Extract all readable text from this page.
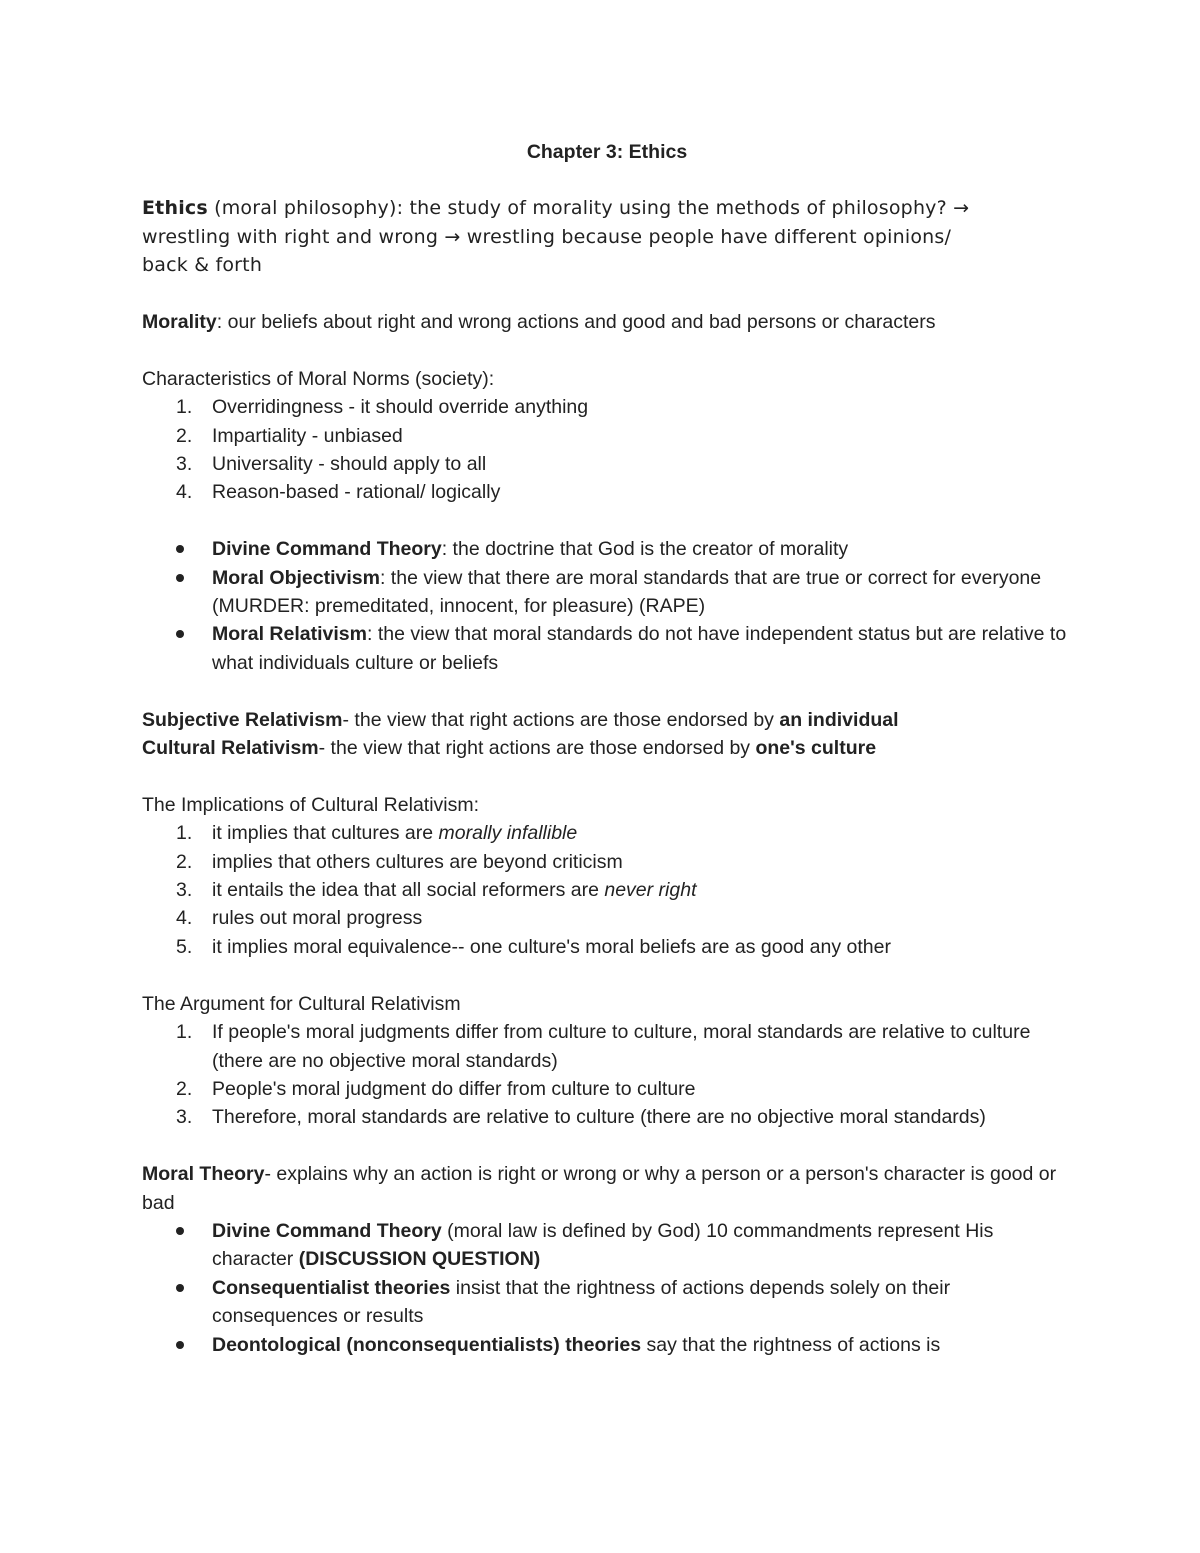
Chapter 3: Ethics

Ethics (moral philosophy): the study of morality using the methods of philosophy? →
wrestling with right and wrong → wrestling because people have different opinions/
back & forth

Morality: our beliefs about right and wrong actions and good and bad persons or characters

Characteristics of Moral Norms (society):

Overridingness - it should override anything
Impartiality - unbiased
Universality - should apply to all
Reason-based - rational/ logically
Divine Command Theory: the doctrine that God is the creator of morality
Moral Objectivism: the view that there are moral standards that are true or correct for everyone (MURDER: premeditated, innocent, for pleasure) (RAPE)
Moral Relativism: the view that moral standards do not have independent status but are relative to what individuals culture or beliefs

Subjective Relativism- the view that right actions are those endorsed by an individual

Cultural Relativism- the view that right actions are those endorsed by one's culture

The Implications of Cultural Relativism:

it implies that cultures are morally infallible
implies that others cultures are beyond criticism
it entails the idea that all social reformers are never right
rules out moral progress
it implies moral equivalence-- one culture's moral beliefs are as good any other

The Argument for Cultural Relativism

If people's moral judgments differ from culture to culture, moral standards are relative to culture (there are no objective moral standards)
People's moral judgment do differ from culture to culture
Therefore, moral standards are relative to culture (there are no objective moral standards)

Moral Theory- explains why an action is right or wrong or why a person or a person's character is good or bad

Divine Command Theory (moral law is defined by God) 10 commandments represent His character (DISCUSSION QUESTION)
Consequentialist theories insist that the rightness of actions depends solely on their consequences or results
Deontological (nonconsequentialists) theories say that the rightness of actions is
